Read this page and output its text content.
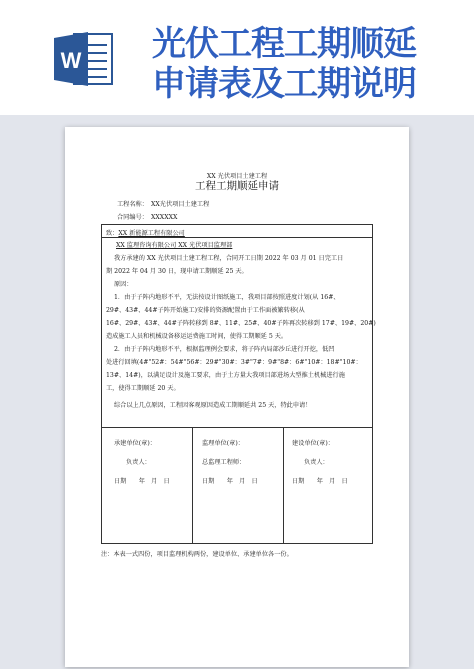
W 光伏工程工期顺延
申请表及工期说明
XX 光伏项目土建工程
工程工期顺延申请
工程名称： XX光伏项目土建工程
合同编号： XXXXXX
致：XX 新能源工程有限公司
XX 监理咨询有限公司 XX 光伏项目监理部
我方承建的 XX 光伏项目土建工程工程，合同开工日期 2022 年 03 月 01 日完工日
期 2022 年 04 月 30 日，现申请工期顺延 25 天。
原因：
1．由于子阵内地形不平，无法按设计图纸施工，我项目部按照进度计划(从 16#、
29#、43#、44#子阵开始施工)安排的资源配置由于工作面被繁转移(从
16#、29#、43#、44#子阵转移到 8#、11#、25#、40#子阵再次转移到 17#、19#、20#)
造成施工人员和机械设备移运运费施工时间，使得工期顺延 5 天。
2．由于子阵内地形不平，根据监理例会要求，将子阵内局部沙丘进行开挖，低凹
处进行回填(4#"52#：54#"56#：29#"30#：3#"7#：9#"8#：6#"10#：18#"10#：
13#、14#)，以满足设计及施工要求，由于土方量大我项目部进场大型推土机械进行施
工，使得工期顺延 20 天。
综合以上几点原因，工程因客观原因造成工期顺延共 25 天，特此申请！
承建单位(章)：
负责人：
日期　　年　月　日
监理单位(章)：
总监理工程师：
日期　　年　月　日
建设单位(章)：
负责人：
日期　　年　月　日
注：本表一式四份，项目监理机构两份，建设单位、承建单位各一份。
